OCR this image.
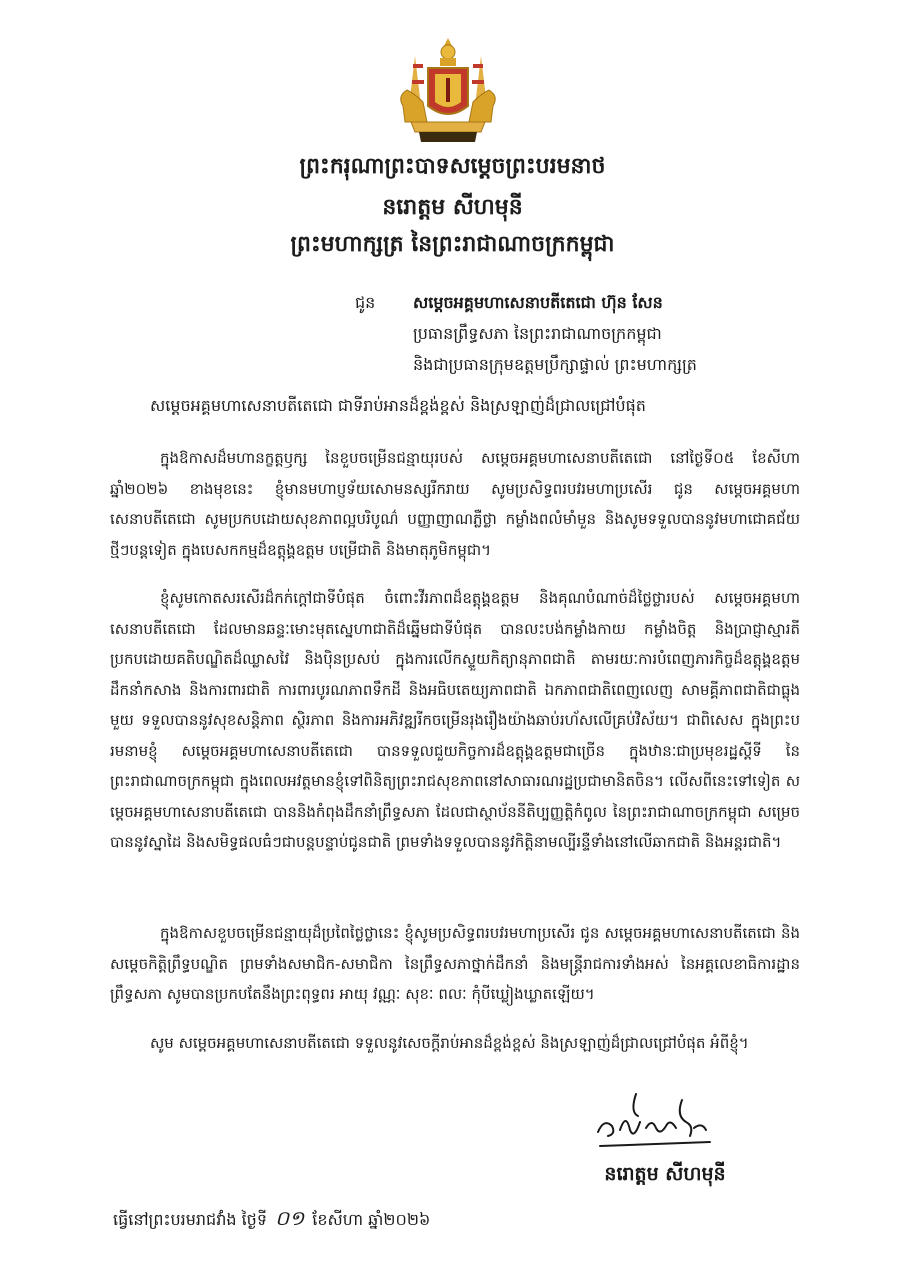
ព្រះករុណាព្រះបាទសម្តេចព្រះបរមនាថ
នរោត្តម សីហមុនី
ព្រះមហាក្សត្រ នៃព្រះរាជាណាចក្រកម្ពុជា
ជូន សម្តេចអគ្គមហាសេនាបតីតេជោ ហ៊ុន សែន
ប្រធានព្រឹទ្ធសភា នៃព្រះរាជាណាចក្រកម្ពុជា
និងជាប្រធានក្រុមឧត្តមប្រឹក្សាផ្ទាល់ ព្រះមហាក្សត្រ
សម្តេចអគ្គមហាសេនាបតីតេជោ ជាទីរាប់អានដ៏ខ្ពង់ខ្ពស់ និងស្រឡាញ់ដ៏ជ្រាលជ្រៅបំផុត

ក្នុងឱកាសដ៏មហានក្ខត្តឫក្ស នៃខួបចម្រើនជន្មាយុរបស់ សម្តេចអគ្គមហាសេនាបតីតេជោ នៅថ្ងៃទី០៥ ខែសីហា ឆ្នាំ២០២៦ ខាងមុខនេះ ខ្ញុំមានមហាប្ញទ័យសោមនស្សរីករាយ សូមប្រសិទ្ធពរបវរមហាប្រសើរ ជូន សម្តេចអគ្គមហាសេនាបតីតេជោ សូមប្រកបដោយសុខភាពល្អបរិបូណ៌ បញ្ញាញាណភ្លឺថ្លា កម្លាំងពលំមាំមួន និងសូមទទួលបាននូវមហាជោគជ័យថ្មីៗបន្តទៀត ក្នុងបេសកកម្មដ៏ឧត្តុង្គឧត្តម បម្រើជាតិ និងមាតុភូមិកម្ពុជា។

ខ្ញុំសូមកោតសរសើរដ៏កក់ក្តៅជាទីបំផុត ចំពោះវីរភាពដ៏ឧត្តុង្គឧត្តម និងគុណបំណាច់ដ៏ថ្លៃថ្លារបស់ សម្តេចអគ្គមហាសេនាបតីតេជោ ដែលមានឆន្ទៈមោះមុតស្នេហាជាតិដ៏ឆ្នើមជាទីបំផុត បានលះបង់កម្លាំងកាយ កម្លាំងចិត្ត និងប្រាជ្ញាស្មារតី ប្រកបដោយគតិបណ្ឌិតដ៏ឈ្លាសវៃ និងប៉ិនប្រសប់ ក្នុងការលើកស្ទួយកិត្យានុភាពជាតិ តាមរយៈការបំពេញភារកិច្ចដ៏ឧត្តុង្គឧត្តមដឹកនាំកសាង និងការពារជាតិ ការពារបូរណភាពទឹកដី និងអធិបតេយ្យភាពជាតិ ឯកភាពជាតិពេញលេញ សាមគ្គីភាពជាតិជាធ្លុងមួយ ទទួលបាននូវសុខសន្តិភាព ស្ថិរភាព និងការអភិវឌ្ឍរីកចម្រើនរុងរឿងយ៉ាងឆាប់រហ័សលើគ្រប់វិស័យ។ ជាពិសេស ក្នុងព្រះបរមនាមខ្ញុំ សម្តេចអគ្គមហាសេនាបតីតេជោ បានទទួលជួយកិច្ចការដ៏ឧត្តុង្គឧត្តមជាច្រើន ក្នុងឋានៈជាប្រមុខរដ្ឋស្តីទី នៃព្រះរាជាណាចក្រកម្ពុជា ក្នុងពេលអវត្តមានខ្ញុំទៅពិនិត្យព្រះរាជសុខភាពនៅសាធារណរដ្ឋប្រជាមានិតចិន។ លើសពីនេះទៅទៀត សម្តេចអគ្គមហាសេនាបតីតេជោ បាននិងកំពុងដឹកនាំព្រឹទ្ធសភា ដែលជាស្ថាប័ននីតិប្បញ្ញត្តិកំពូល នៃព្រះរាជាណាចក្រកម្ពុជា សម្រេចបាននូវស្នាដៃ និងសមិទ្ធផលធំៗជាបន្តបន្ទាប់ជូនជាតិ ព្រមទាំងទទួលបាននូវកិត្តិនាមល្បីរន្ទឺទាំងនៅលើឆាកជាតិ និងអន្តរជាតិ។

ក្នុងឱកាសខួបចម្រើនជន្មាយុដ៏ប្រពៃថ្លៃថ្លានេះ ខ្ញុំសូមប្រសិទ្ធពរបវរមហាប្រសើរ ជូន សម្តេចអគ្គមហាសេនាបតីតេជោ និង សម្តេចកិត្តិព្រឹទ្ធបណ្ឌិត ព្រមទាំងសមាជិក-សមាជិកា នៃព្រឹទ្ធសភាថ្នាក់ដឹកនាំ និងមន្ត្រីរាជការទាំងអស់ នៃអគ្គលេខាធិការដ្ឋានព្រឹទ្ធសភា សូមបានប្រកបតែនឹងព្រះពុទ្ធពរ អាយុ វណ្ណៈ សុខៈ ពលៈ កុំបីឃ្លៀងឃ្លាតឡើយ។

សូម សម្តេចអគ្គមហាសេនាបតីតេជោ ទទួលនូវសេចក្តីរាប់អានដ៏ខ្ពង់ខ្ពស់ និងស្រឡាញ់ដ៏ជ្រាលជ្រៅបំផុត អំពីខ្ញុំ។

នរោត្តម សីហមុនី
ធ្វើនៅព្រះបរមរាជវាំង ថ្ងៃទី ០១ ខែសីហា ឆ្នាំ២០២៦
